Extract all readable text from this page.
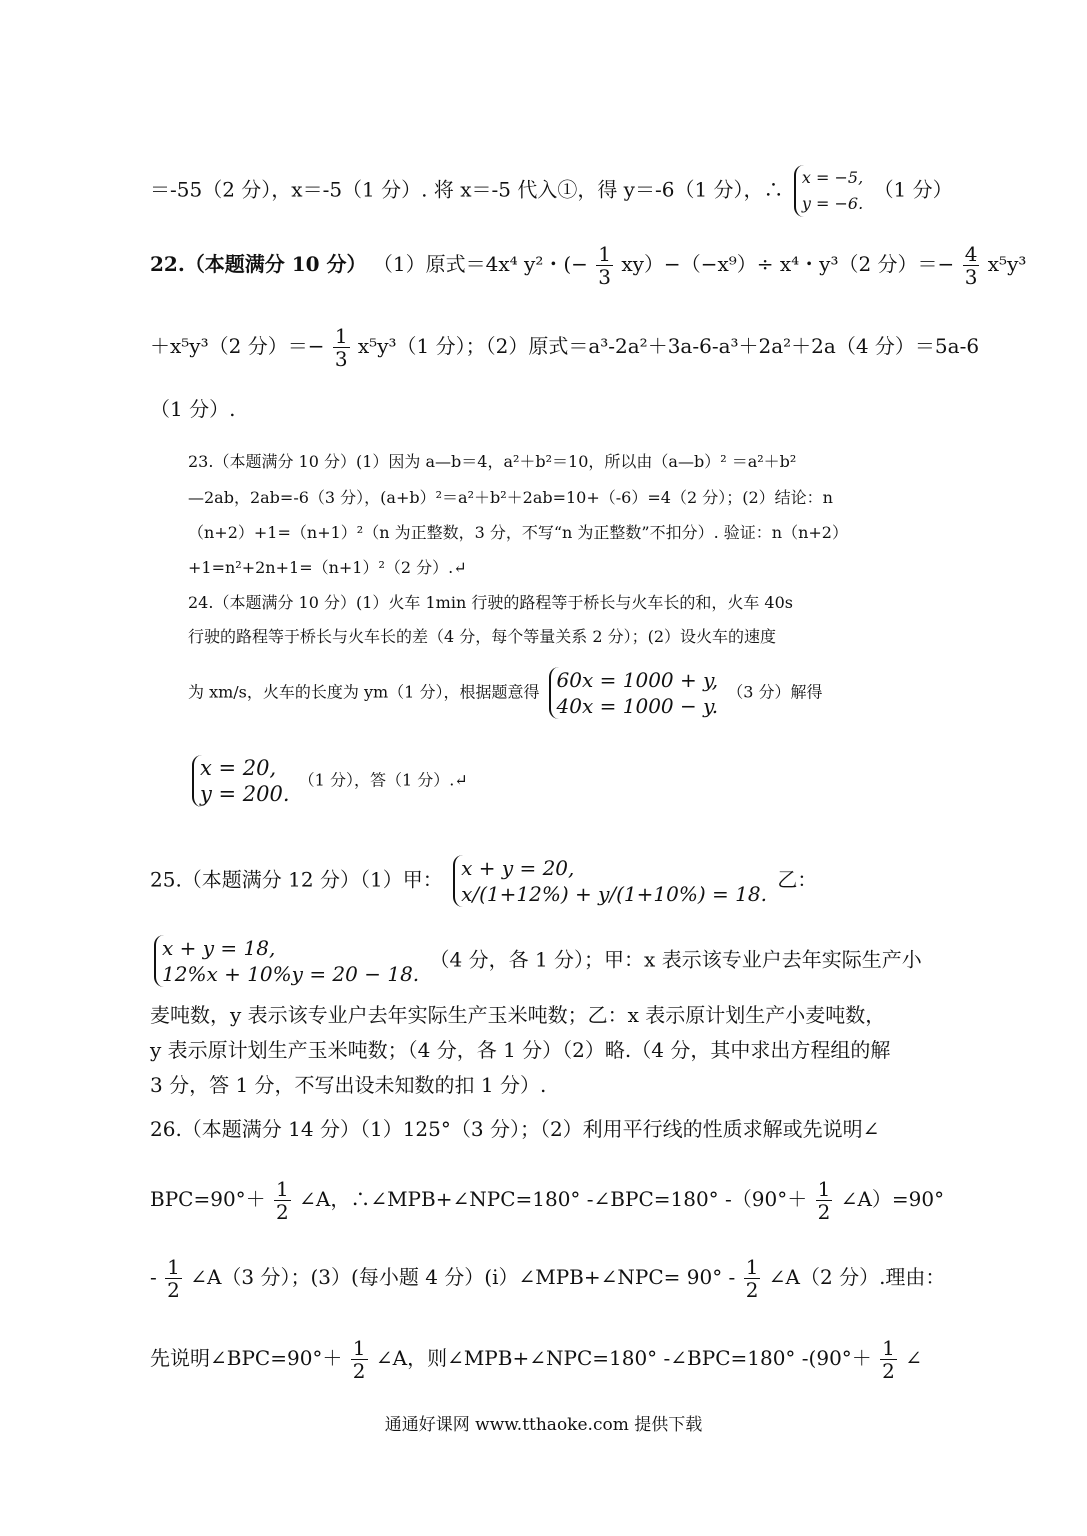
＝-55（2 分），x＝-5（1 分）. 将 x＝-5 代入①，得 y＝-6（1 分），∴ x = −5,
y = −6.
（1 分）
22.（本题满分 10 分） （1）原式＝4x⁴ y²・(− $\frac{1}{3} xy)-(-x^9)\div x^4$・y³（2 分）＝− $\frac{4}{3} x^5y^3$
＋x⁵y³（2 分）＝− $\frac{1}{3} x^5y^3(1$ 分）；（2）原式＝a³-2a²＋3a-6-a³＋2a²＋2a（4 分）＝5a-6
（1 分）.
23.（本题满分 10 分）(1）因为 a—b＝4，a²＋b²＝10，所以由（a—b）² ＝a²＋b²
—2ab，2ab=-6（3 分），(a+b）²＝a²＋b²＋2ab=10+（-6）=4（2 分）；(2）结论：n
（n+2）+1=（n+1）²（n 为正整数，3 分，不写“n 为正整数”不扣分）. 验证：n（n+2）
+1=n²+2n+1=（n+1）²（2 分）.↵
24.（本题满分 10 分）(1）火车 1min 行驶的路程等于桥长与火车长的和，火车 40s
行驶的路程等于桥长与火车长的差（4 分，每个等量关系 2 分）；(2）设火车的速度
为 xm/s，火车的长度为 ym（1 分），根据题意得 60x = 1000 + y,
40x = 1000 − y.
（3 分）解得
x = 20,
y = 200.
（1 分），答（1 分）.↵
25.（本题满分 12 分）（1）甲： x + y = 20,
x/(1+12%) + y/(1+10%) = 18.
乙：
x + y = 18,
12%x + 10%y = 20 − 18.
（4 分，各 1 分）；甲：x 表示该专业户去年实际生产小
麦吨数，y 表示该专业户去年实际生产玉米吨数；乙：x 表示原计划生产小麦吨数，
y 表示原计划生产玉米吨数；（4 分，各 1 分）（2）略.（4 分，其中求出方程组的解
3 分，答 1 分，不写出设未知数的扣 1 分）.
26.（本题满分 14 分）（1）125°（3 分）；（2）利用平行线的性质求解或先说明∠
$BPC=90^\circ+ \frac{1}{2}$ ∠A，∴∠MPB+∠NPC=180° -∠BPC=180° $-(90^\circ+ \frac{1}{2}$ ∠A）=90°
- $\frac{1}{2}$ ∠A（3 分）；(3）(每小题 4 分）(i）∠MPB+∠NPC= $90^\circ - \frac{1}{2}$ ∠A（2 分）.理由：
先说明∠BPC=90°＋ $\frac{1}{2}$ ∠A，则∠MPB+∠NPC=180° -∠BPC=180° $-(90^\circ+ \frac{1}{2}$ ∠
通通好课网 www.tthaoke.com 提供下载
